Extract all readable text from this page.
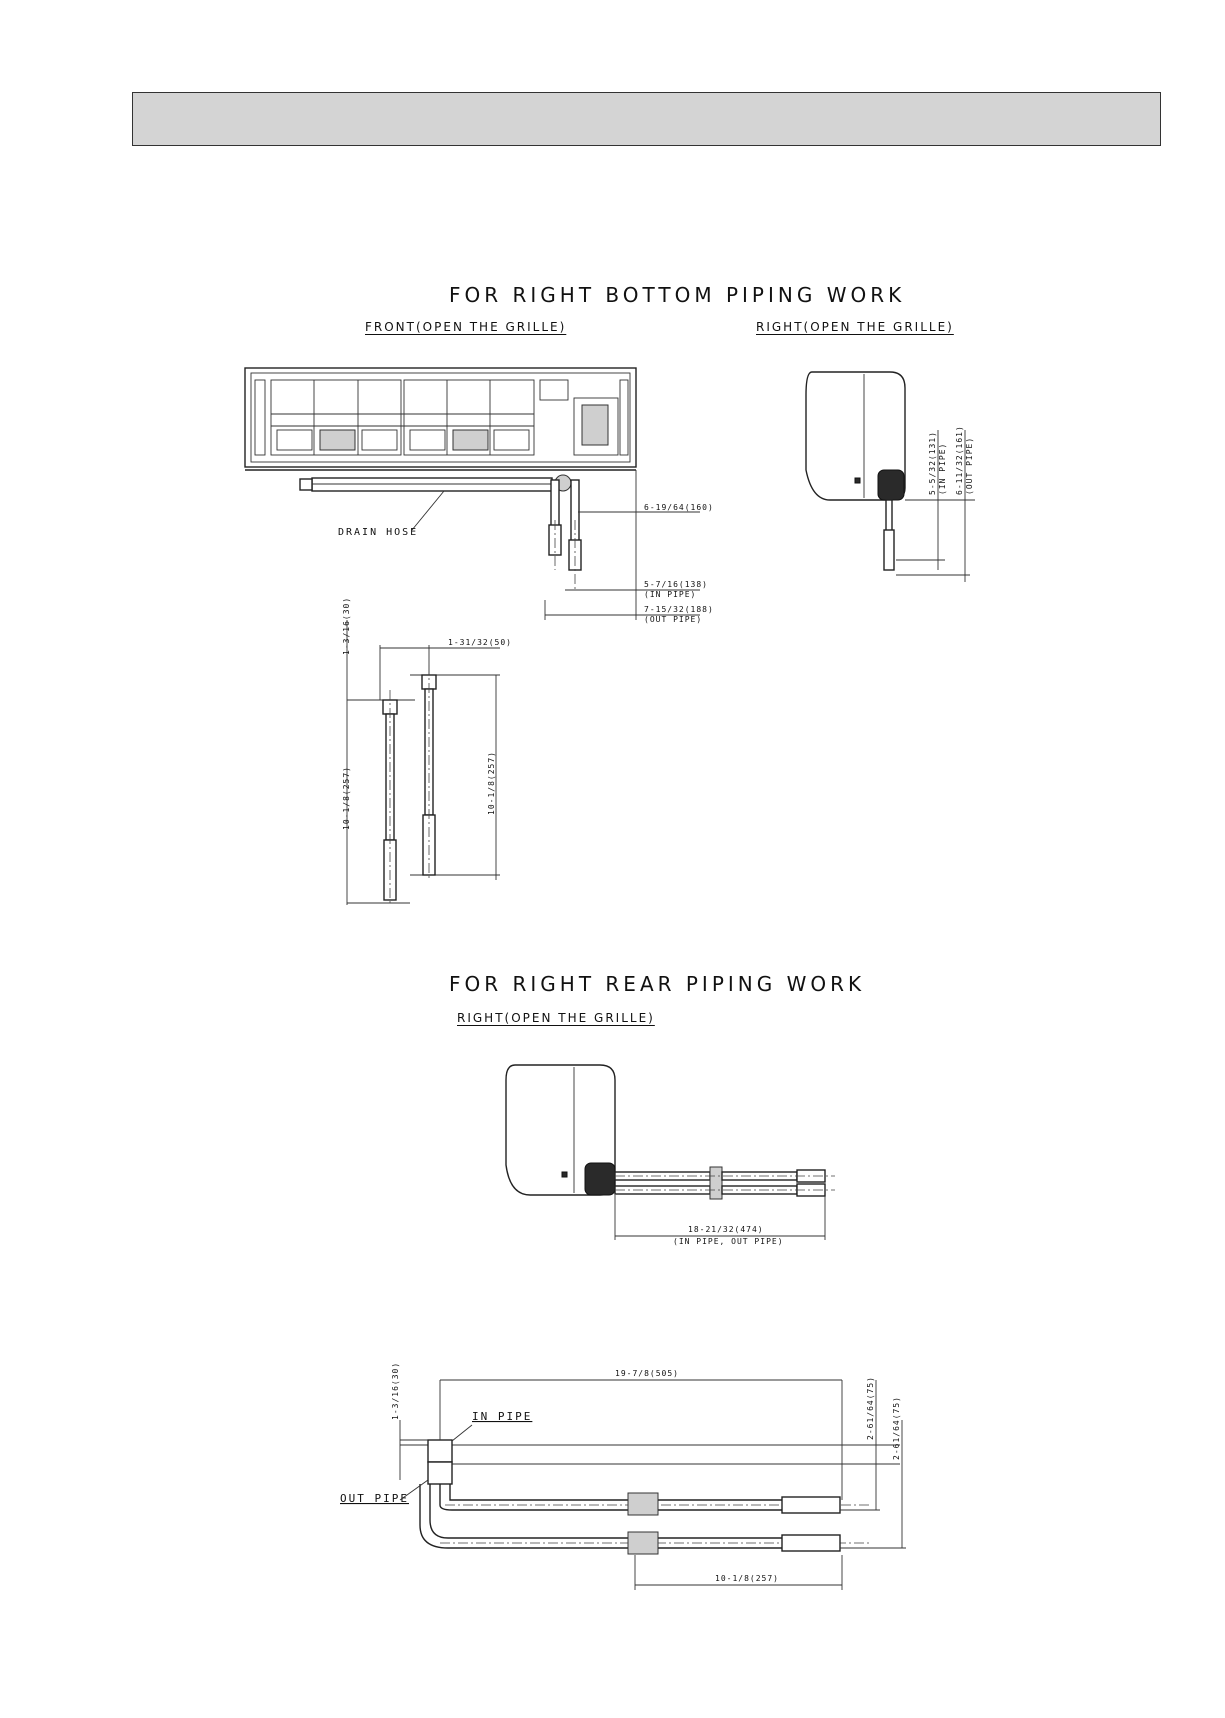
FOR RIGHT BOTTOM PIPING WORK
FRONT(OPEN THE GRILLE)	RIGHT(OPEN THE GRILLE)
FOR RIGHT REAR PIPING WORK
RIGHT(OPEN THE GRILLE)
DRAIN HOSE
6-19/64(160)
5-7/16(138)
(IN PIPE)
7-15/32(188)
(OUT PIPE)
5-5/32(131) (IN PIPE) 6-11/32(161) (OUT PIPE)
1-3/16(30)	1-31/32(50)
10-1/8(257)	10-1/8(257)
18-21/32(474)
(IN PIPE, OUT PIPE)
19-7/8(505)
1-3/16(30)	2-61/64(75) 2-61/64(75)
10-1/8(257)
IN PIPE
OUT PIPE
